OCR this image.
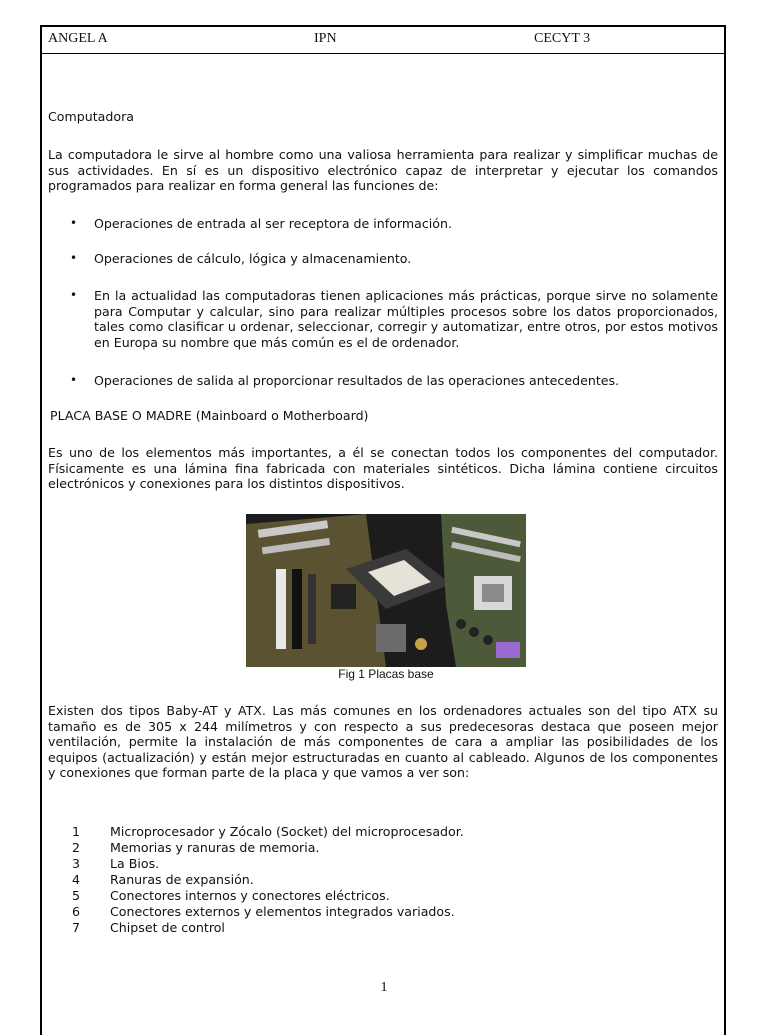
ANGEL A	IPN	CECYT 3
Computadora

La computadora le sirve al hombre como una valiosa herramienta para realizar y simplificar muchas de sus actividades. En sí es un dispositivo electrónico capaz de interpretar y ejecutar los comandos programados para realizar en forma general las funciones de:

• Operaciones de entrada al ser receptora de información.
• Operaciones de cálculo, lógica y almacenamiento.
• En la actualidad las computadoras tienen aplicaciones más prácticas, porque sirve no solamente para Computar y calcular, sino para realizar múltiples procesos sobre los datos proporcionados, tales como clasificar u ordenar, seleccionar, corregir y automatizar, entre otros, por estos motivos en Europa su nombre que más común es el de ordenador.
• Operaciones de salida al proporcionar resultados de las operaciones antecedentes.
PLACA BASE O MADRE (Mainboard o Motherboard)

Es uno de los elementos más importantes, a él se conectan todos los componentes del computador. Físicamente es una lámina fina fabricada con materiales sintéticos. Dicha lámina contiene circuitos electrónicos y conexiones para los distintos dispositivos.

Fig 1 Placas base

Existen dos tipos Baby-AT y ATX. Las más comunes en los ordenadores actuales son del tipo ATX su tamaño es de 305 x 244 milímetros y con respecto a sus predecesoras destaca que poseen mejor ventilación, permite la instalación de más componentes de cara a ampliar las posibilidades de los equipos (actualización) y están mejor estructuradas en cuanto al cableado. Algunos de los componentes y conexiones que forman parte de la placa y que vamos a ver son:

1 Microprocesador y Zócalo (Socket) del microprocesador.
2 Memorias y ranuras de memoria.
3 La Bios.
4 Ranuras de expansión.
5 Conectores internos y conectores eléctricos.
6 Conectores externos y elementos integrados variados.
7 Chipset de control
1
